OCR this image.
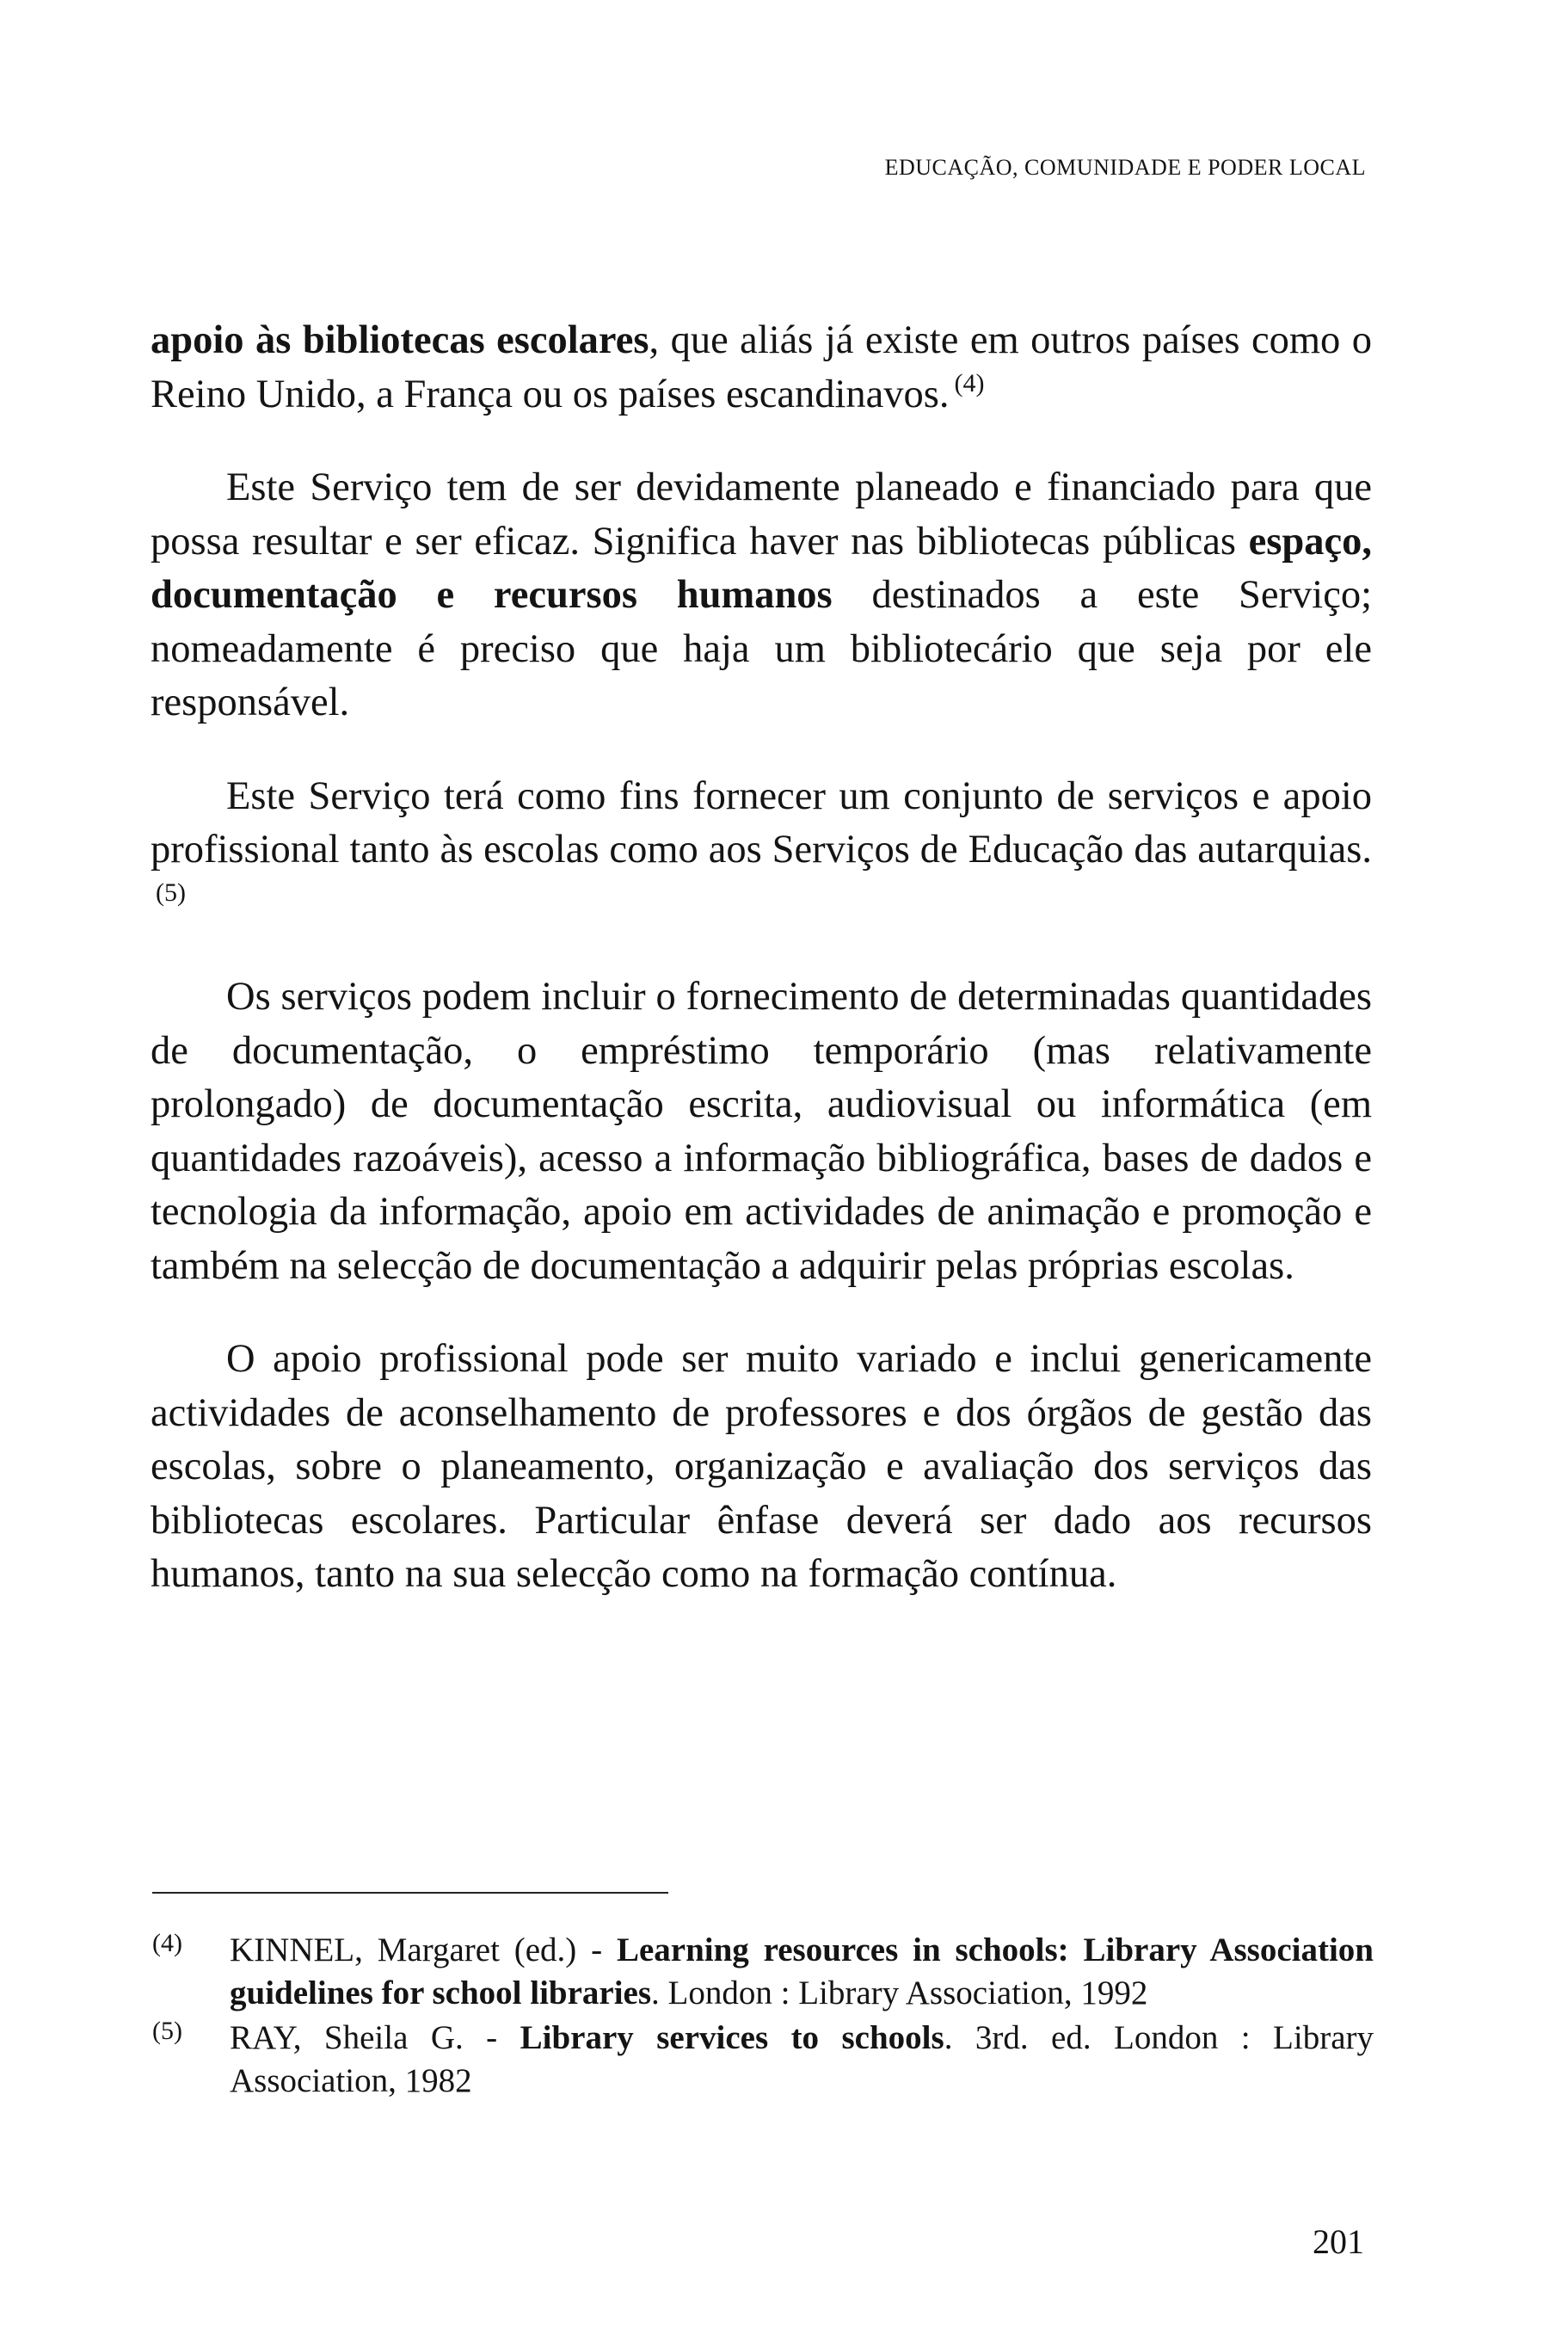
EDUCAÇÃO, COMUNIDADE E PODER LOCAL

apoio às bibliotecas escolares, que aliás já existe em outros países como o Reino Unido, a França ou os países escandinavos. $^{(4)}$

Este Serviço tem de ser devidamente planeado e financiado para que possa resultar e ser eficaz. Significa haver nas bibliotecas públicas espaço, documentação e recursos humanos destinados a este Serviço; nomeadamente é preciso que haja um bibliotecário que seja por ele responsável.

Este Serviço terá como fins fornecer um conjunto de serviços e apoio profissional tanto às escolas como aos Serviços de Educação das autarquias.$^{(5)}$

Os serviços podem incluir o fornecimento de determinadas quantidades de documentação, o empréstimo temporário (mas relativamente prolongado) de documentação escrita, audiovisual ou informática (em quantidades razoáveis), acesso a informação bibliográfica, bases de dados e tecnologia da informação, apoio em actividades de animação e promoção e também na selecção de documentação a adquirir pelas próprias escolas.

O apoio profissional pode ser muito variado e inclui genericamente actividades de aconselhamento de professores e dos órgãos de gestão das escolas, sobre o planeamento, organização e avaliação dos serviços das bibliotecas escolares. Particular ênfase deverá ser dado aos recursos humanos, tanto na sua selecção como na formação contínua.

(4) KINNEL, Margaret (ed.) - Learning resources in schools: Library Association guidelines for school libraries. London : Library Association, 1992
(5) RAY, Sheila G. - Library services to schools. 3rd. ed. London : Library Association, 1982
201
